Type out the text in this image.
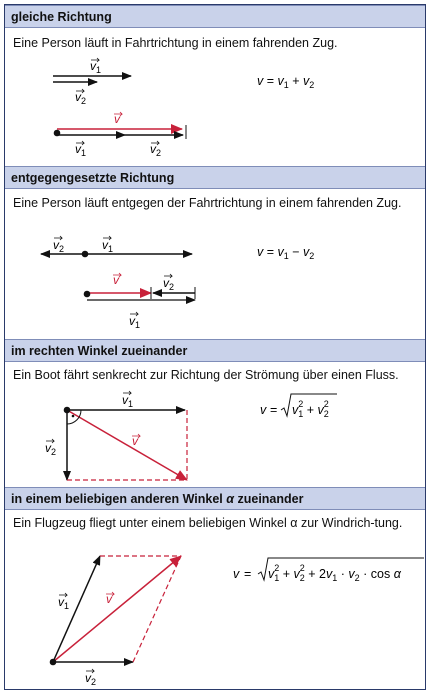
gleiche Richtung
Eine Person läuft in Fahrtrichtung in einem fahrenden Zug.
$v_1$
$v_2$
v
$v_1$	$v_2$
$v = v_1 + v_2$
entgegengesetzte Richtung
Eine Person läuft entgegen der Fahrtrichtung in einem fahrenden Zug.
$v_2$	$v_1$
v	$v_2$
$v_1$
$v = v_1 - v_2$
im rechten Winkel zueinander
Ein Boot fährt senkrecht zur Richtung der Strömung über einen Fluss.
$v_1$
$v_2$
v
$v = v_12 + v_22$
in einem beliebigen anderen Winkel α zueinander
Ein Flugzeug fliegt unter einem beliebigen Winkel α zur Windrich-tung.
$v_1$	v
$v_2$
$v = v_12 + v_22 + 2v_1 \cdot v_2 \cdot \cos \alpha$
